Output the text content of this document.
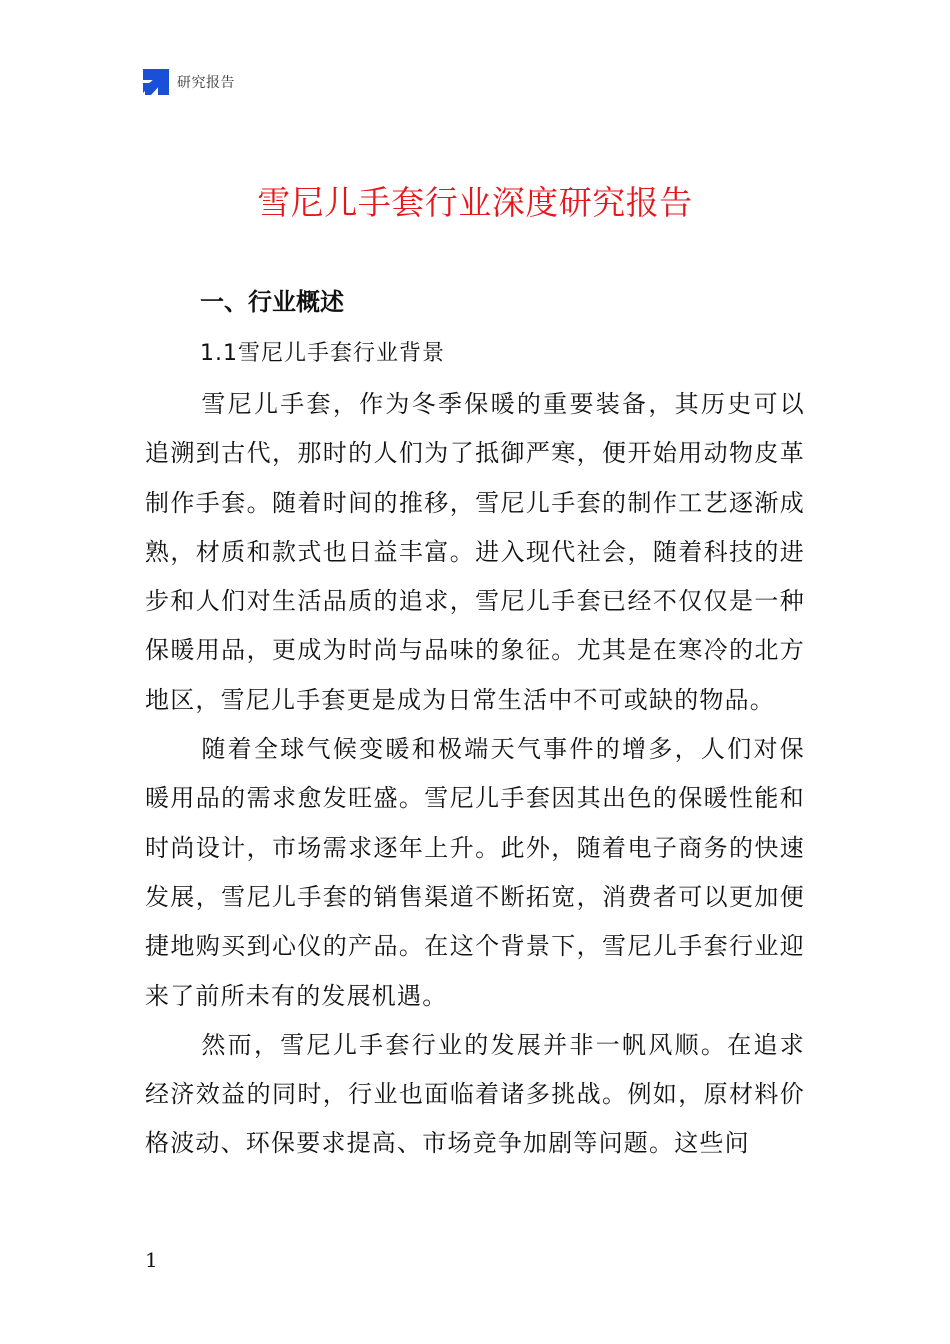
研究报告
雪尼儿手套行业深度研究报告
一、行业概述
1.1雪尼儿手套行业背景

雪尼儿手套，作为冬季保暖的重要装备，其历史可以追溯到古代，那时的人们为了抵御严寒，便开始用动物皮革制作手套。随着时间的推移，雪尼儿手套的制作工艺逐渐成熟，材质和款式也日益丰富。进入现代社会，随着科技的进步和人们对生活品质的追求，雪尼儿手套已经不仅仅是一种保暖用品，更成为时尚与品味的象征。尤其是在寒冷的北方地区，雪尼儿手套更是成为日常生活中不可或缺的物品。

随着全球气候变暖和极端天气事件的增多，人们对保暖用品的需求愈发旺盛。雪尼儿手套因其出色的保暖性能和时尚设计，市场需求逐年上升。此外，随着电子商务的快速发展，雪尼儿手套的销售渠道不断拓宽，消费者可以更加便捷地购买到心仪的产品。在这个背景下，雪尼儿手套行业迎来了前所未有的发展机遇。

然而，雪尼儿手套行业的发展并非一帆风顺。在追求经济效益的同时，行业也面临着诸多挑战。例如，原材料价格波动、环保要求提高、市场竞争加剧等问题。这些问

1
